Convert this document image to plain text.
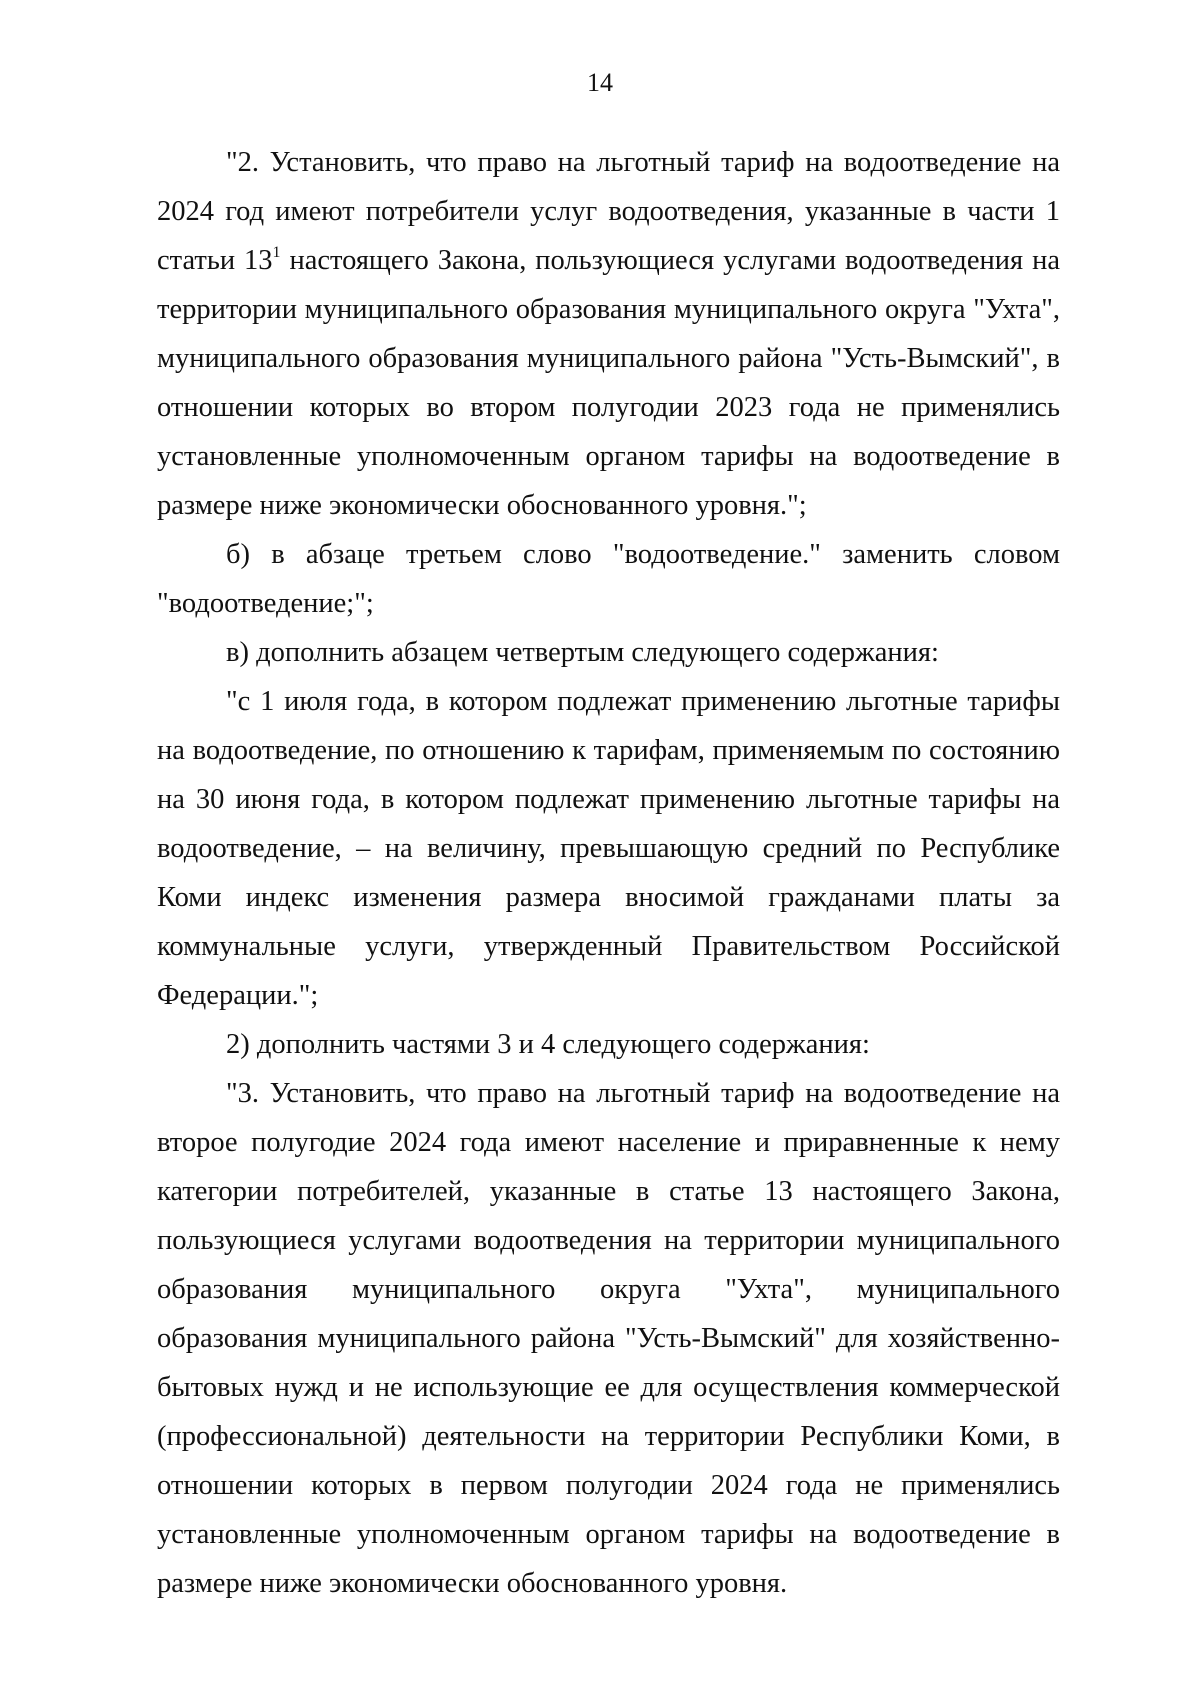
14

"2. Установить, что право на льготный тариф на водоотведение на 2024 год имеют потребители услуг водоотведения, указанные в части 1 статьи $13^1$ настоящего Закона, пользующиеся услугами водоотведения на территории муниципального образования муниципального округа "Ухта", муниципального образования муниципального района "Усть-Вымский", в отношении которых во втором полугодии 2023 года не применялись установленные уполномоченным органом тарифы на водоотведение в размере ниже экономически обоснованного уровня.";

б) в абзаце третьем слово "водоотведение." заменить словом "водоотведение;";

в) дополнить абзацем четвертым следующего содержания:

"с 1 июля года, в котором подлежат применению льготные тарифы на водоотведение, по отношению к тарифам, применяемым по состоянию на 30 июня года, в котором подлежат применению льготные тарифы на водоотведение, – на величину, превышающую средний по Республике Коми индекс изменения размера вносимой гражданами платы за коммунальные услуги, утвержденный Правительством Российской Федерации.";

2) дополнить частями 3 и 4 следующего содержания:

"3. Установить, что право на льготный тариф на водоотведение на второе полугодие 2024 года имеют население и приравненные к нему категории потребителей, указанные в статье 13 настоящего Закона, пользующиеся услугами водоотведения на территории муниципального образования муниципального округа "Ухта", муниципального образования муниципального района "Усть-Вымский" для хозяйственно-бытовых нужд и не использующие ее для осуществления коммерческой (профессиональной) деятельности на территории Республики Коми, в отношении которых в первом полугодии 2024 года не применялись установленные уполномоченным органом тарифы на водоотведение в размере ниже экономически обоснованного уровня.
